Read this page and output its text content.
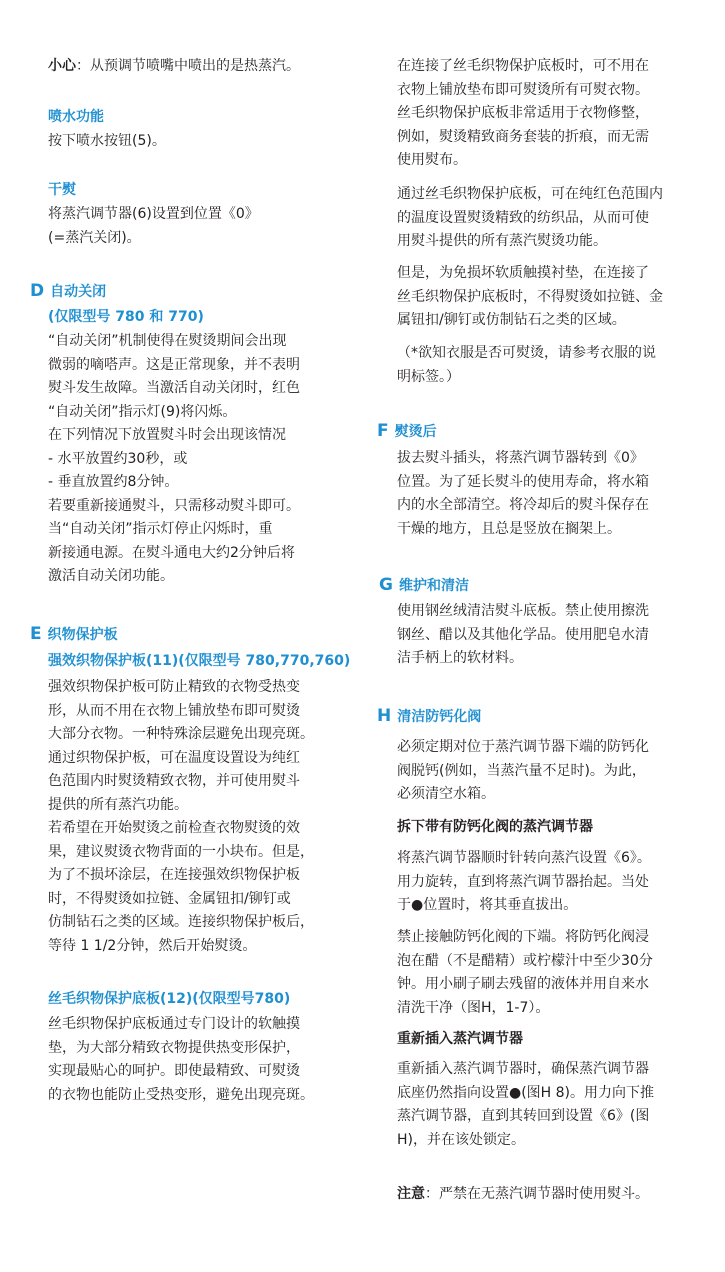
小心：从预调节喷嘴中喷出的是热蒸汽。

喷水功能

按下喷水按钮(5)。

干熨

将蒸汽调节器(6)设置到位置《0》
(=蒸汽关闭)。

D 自动关闭

(仅限型号 780 和 770)

“自动关闭”机制使得在熨烫期间会出现
微弱的嘀嗒声。这是正常现象，并不表明
熨斗发生故障。当激活自动关闭时，红色
“自动关闭”指示灯(9)将闪烁。
在下列情况下放置熨斗时会出现该情况
- 水平放置约30秒，或
- 垂直放置约8分钟。
若要重新接通熨斗，只需移动熨斗即可。
当“自动关闭”指示灯停止闪烁时，重
新接通电源。在熨斗通电大约2分钟后将
激活自动关闭功能。

E 织物保护板

强效织物保护板(11)(仅限型号 780,770,760)

强效织物保护板可防止精致的衣物受热变
形，从而不用在衣物上铺放垫布即可熨烫
大部分衣物。一种特殊涂层避免出现亮斑。
通过织物保护板，可在温度设置设为纯红
色范围内时熨烫精致衣物，并可使用熨斗
提供的所有蒸汽功能。
若希望在开始熨烫之前检查衣物熨烫的效
果，建议熨烫衣物背面的一小块布。但是，
为了不损坏涂层，在连接强效织物保护板
时，不得熨烫如拉链、金属钮扣/铆钉或
仿制钻石之类的区域。连接织物保护板后，
等待 1 1/2分钟，然后开始熨烫。

丝毛织物保护底板(12)(仅限型号780)

丝毛织物保护底板通过专门设计的软触摸
垫，为大部分精致衣物提供热变形保护，
实现最贴心的呵护。即使最精致、可熨烫
的衣物也能防止受热变形，避免出现亮斑。

在连接了丝毛织物保护底板时，可不用在
衣物上铺放垫布即可熨烫所有可熨衣物。
丝毛织物保护底板非常适用于衣物修整，
例如，熨烫精致商务套装的折痕，而无需
使用熨布。

通过丝毛织物保护底板，可在纯红色范围内
的温度设置熨烫精致的纺织品，从而可使
用熨斗提供的所有蒸汽熨烫功能。

但是，为免损坏软质触摸衬垫，在连接了
丝毛织物保护底板时，不得熨烫如拉链、金
属钮扣/铆钉或仿制钻石之类的区域。

（*欲知衣服是否可熨烫，请参考衣服的说
明标签。）

F 熨烫后

拔去熨斗插头，将蒸汽调节器转到《0》
位置。为了延长熨斗的使用寿命，将水箱
内的水全部清空。将冷却后的熨斗保存在
干燥的地方，且总是竖放在搁架上。

G 维护和清洁

使用钢丝绒清洁熨斗底板。禁止使用擦洗
钢丝、醋以及其他化学品。使用肥皂水清
洁手柄上的软材料。

H 清洁防钙化阀

必须定期对位于蒸汽调节器下端的防钙化
阀脱钙(例如，当蒸汽量不足时)。为此，
必须清空水箱。

拆下带有防钙化阀的蒸汽调节器

将蒸汽调节器顺时针转向蒸汽设置《6》。
用力旋转，直到将蒸汽调节器抬起。当处
于●位置时，将其垂直拔出。

禁止接触防钙化阀的下端。将防钙化阀浸
泡在醋（不是醋精）或柠檬汁中至少30分
钟。用小刷子刷去残留的液体并用自来水
清洗干净（图H，1-7）。

重新插入蒸汽调节器

重新插入蒸汽调节器时，确保蒸汽调节器
底座仍然指向设置●(图H 8)。用力向下推
蒸汽调节器，直到其转回到设置《6》(图
H)，并在该处锁定。

注意：严禁在无蒸汽调节器时使用熨斗。
